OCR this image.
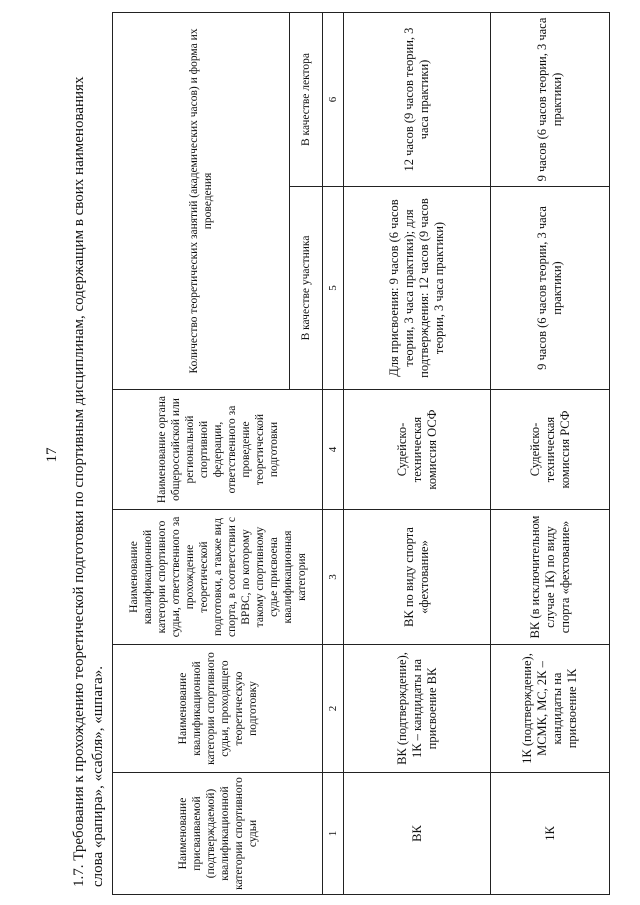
17 1.7. Требования к прохождению теоретической подготовки по спортивным дисциплинам, содержащим в своих наименованиях слова «рапира», «сабля», «шпага».	Наименование присваиваемой (подтверждаемой) квалификационной категории спортивного судьи	Наименование квалификационной категории спортивного судьи, проходящего теоретическую подготовку	Наименование квалификационной категории спортивного судьи, ответственного за прохождение теоретической подготовки, а также вид спорта, в соответствии с ВРВС, по которому такому спортивному судье присвоена квалификационная категория	Наименование органа общероссийской или региональной спортивной федерации, ответственного за проведение теоретической подготовки	Количество теоретических занятий (академических часов) и форма их проведения	
				В качестве участника	В качестве лектора
1	2	3	4	5	6
ВК	ВК (подтверждение), 1К – кандидаты на присвоение ВК	ВК по виду спорта «фехтование»	Судейско-техническая комиссия ОСФ	Для присвоения: 9 часов (6 часов теории, 3 часа практики); для подтверждения: 12 часов (9 часов теории, 3 часа практики)	12 часов (9 часов теории, 3 часа практики)
1К	1К (подтверждение), МСМК, МС, 2К – кандидаты на присвоение 1К	ВК (в исключительном случае 1К) по виду спорта «фехтование»	Судейско-техническая комиссия РСФ	9 часов (6 часов теории, 3 часа практики)	9 часов (6 часов теории, 3 часа практики)
